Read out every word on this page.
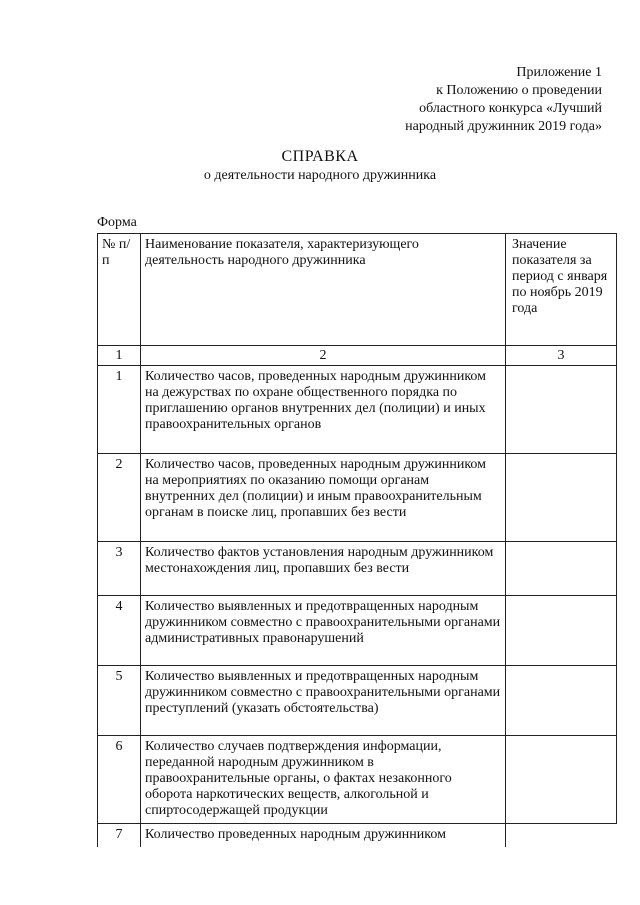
Приложение 1
к Положению о проведении
областного конкурса «Лучший
народный дружинник 2019 года»
СПРАВКА
о деятельности народного дружинника
Форма
№ п/п	Наименование показателя, характеризующего деятельность народного дружинника	Значение показателя за период с января по ноябрь 2019 года
1	2	3
1	Количество часов, проведенных народным дружинником на дежурствах по охране общественного порядка по приглашению органов внутренних дел (полиции) и иных правоохранительных органов	
2	Количество часов, проведенных народным дружинником на мероприятиях по оказанию помощи органам внутренних дел (полиции) и иным правоохранительным органам в поиске лиц, пропавших без вести	
3	Количество фактов установления народным дружинником местонахождения лиц, пропавших без вести	
4	Количество выявленных и предотвращенных народным дружинником совместно с правоохранительными органами административных правонарушений	
5	Количество выявленных и предотвращенных народным дружинником совместно с правоохранительными органами преступлений (указать обстоятельства)	
6	Количество случаев подтверждения информации, переданной народным дружинником в правоохранительные органы, о фактах незаконного оборота наркотических веществ, алкогольной и спиртосодержащей продукции	
7	Количество проведенных народным дружинником	
